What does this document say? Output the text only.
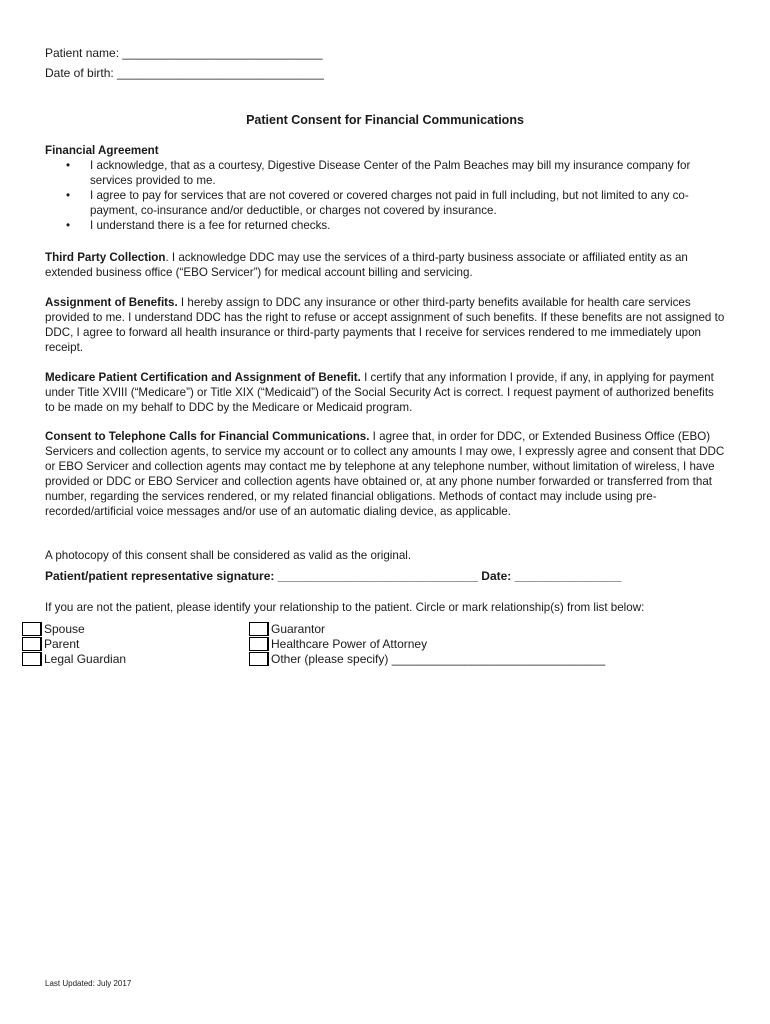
Patient name: ______________________________
Date of birth: _______________________________
Patient Consent for Financial Communications
Financial Agreement
• I acknowledge, that as a courtesy, Digestive Disease Center of the Palm Beaches may bill my insurance company for services provided to me.
• I agree to pay for services that are not covered or covered charges not paid in full including, but not limited to any co-payment, co-insurance and/or deductible, or charges not covered by insurance.
• I understand there is a fee for returned checks.
Third Party Collection. I acknowledge DDC may use the services of a third-party business associate or affiliated entity as an extended business office (“EBO Servicer”) for medical account billing and servicing.
Assignment of Benefits. I hereby assign to DDC any insurance or other third-party benefits available for health care services provided to me. I understand DDC has the right to refuse or accept assignment of such benefits. If these benefits are not assigned to DDC, I agree to forward all health insurance or third-party payments that I receive for services rendered to me immediately upon receipt.
Medicare Patient Certification and Assignment of Benefit. I certify that any information I provide, if any, in applying for payment under Title XVIII (“Medicare”) or Title XIX (“Medicaid”) of the Social Security Act is correct. I request payment of authorized benefits to be made on my behalf to DDC by the Medicare or Medicaid program.
Consent to Telephone Calls for Financial Communications. I agree that, in order for DDC, or Extended Business Office (EBO) Servicers and collection agents, to service my account or to collect any amounts I may owe, I expressly agree and consent that DDC or EBO Servicer and collection agents may contact me by telephone at any telephone number, without limitation of wireless, I have provided or DDC or EBO Servicer and collection agents have obtained or, at any phone number forwarded or transferred from that number, regarding the services rendered, or my related financial obligations. Methods of contact may include using pre-recorded/artificial voice messages and/or use of an automatic dialing device, as applicable.
A photocopy of this consent shall be considered as valid as the original.
Patient/patient representative signature: ______________________________ Date: ________________
If you are not the patient, please identify your relationship to the patient. Circle or mark relationship(s) from list below:
Spouse
Parent
Legal Guardian
Guarantor
Healthcare Power of Attorney
Other (please specify) ________________________________
Last Updated: July 2017
